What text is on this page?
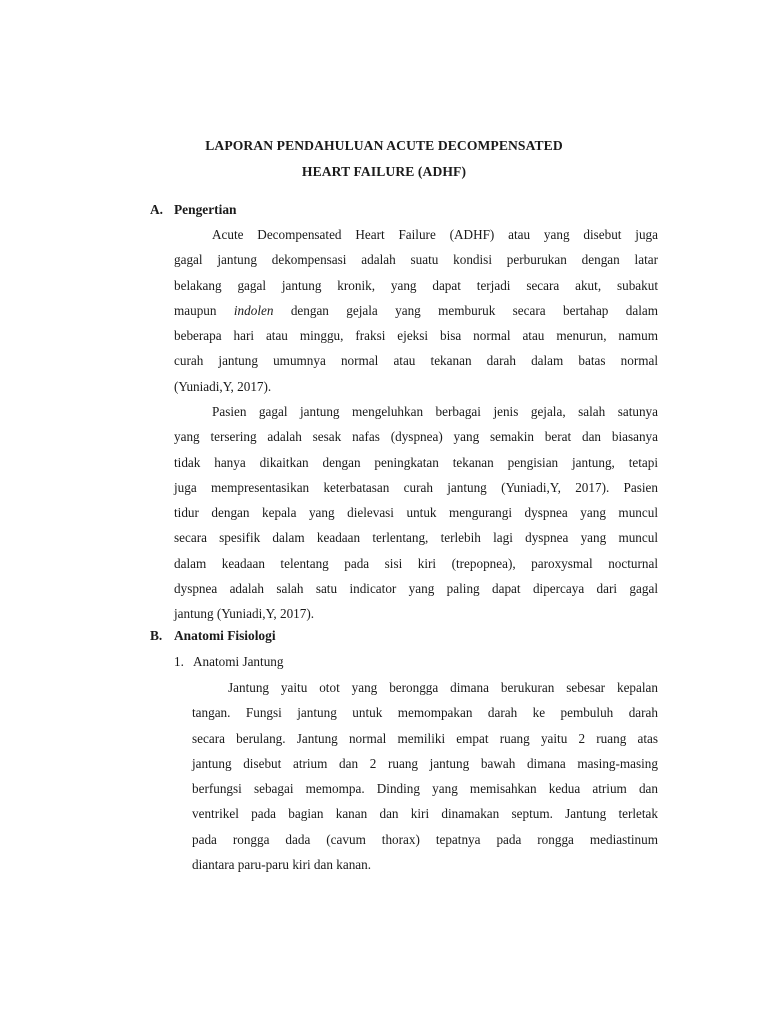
LAPORAN PENDAHULUAN ACUTE DECOMPENSATED
HEART FAILURE (ADHF)
A. Pengertian
Acute Decompensated Heart Failure (ADHF) atau yang disebut juga
gagal jantung dekompensasi adalah suatu kondisi perburukan dengan latar
belakang gagal jantung kronik, yang dapat terjadi secara akut, subakut
maupun indolen dengan gejala yang memburuk secara bertahap dalam
beberapa hari atau minggu, fraksi ejeksi bisa normal atau menurun, namum
curah jantung umumnya normal atau tekanan darah dalam batas normal
(Yuniadi,Y, 2017).
Pasien gagal jantung mengeluhkan berbagai jenis gejala, salah satunya
yang tersering adalah sesak nafas (dyspnea) yang semakin berat dan biasanya
tidak hanya dikaitkan dengan peningkatan tekanan pengisian jantung, tetapi
juga mempresentasikan keterbatasan curah jantung (Yuniadi,Y, 2017). Pasien
tidur dengan kepala yang dielevasi untuk mengurangi dyspnea yang muncul
secara spesifik dalam keadaan terlentang, terlebih lagi dyspnea yang muncul
dalam keadaan telentang pada sisi kiri (trepopnea), paroxysmal nocturnal
dyspnea adalah salah satu indicator yang paling dapat dipercaya dari gagal
jantung (Yuniadi,Y, 2017).
B. Anatomi Fisiologi
1. Anatomi Jantung
Jantung yaitu otot yang berongga dimana berukuran sebesar kepalan
tangan. Fungsi jantung untuk memompakan darah ke pembuluh darah
secara berulang. Jantung normal memiliki empat ruang yaitu 2 ruang atas
jantung disebut atrium dan 2 ruang jantung bawah dimana masing-masing
berfungsi sebagai memompa. Dinding yang memisahkan kedua atrium dan
ventrikel pada bagian kanan dan kiri dinamakan septum. Jantung terletak
pada rongga dada (cavum thorax) tepatnya pada rongga mediastinum
diantara paru-paru kiri dan kanan.
